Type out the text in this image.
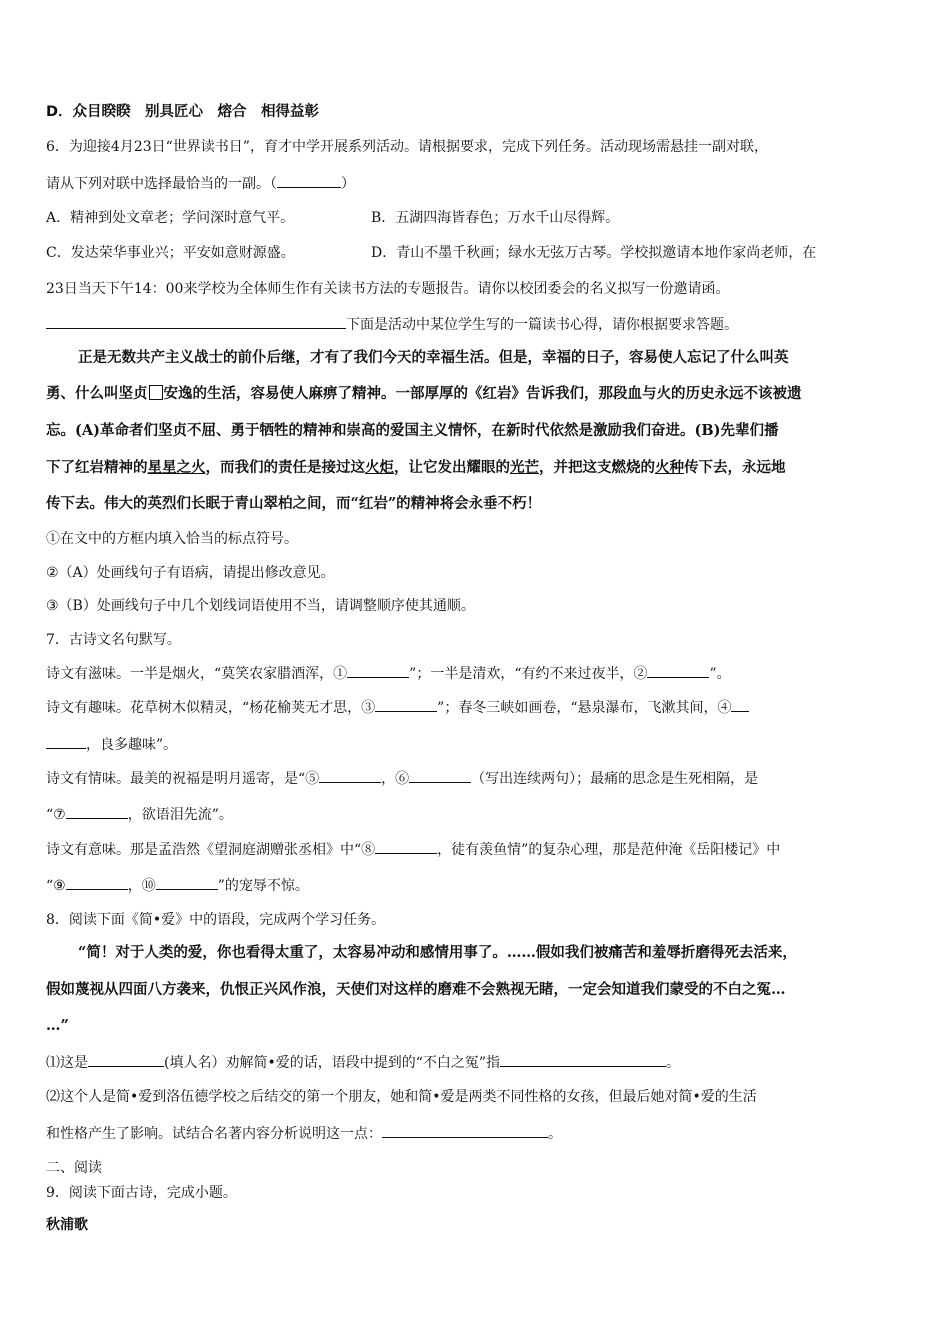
D．众目睽睽　别具匠心　熔合　相得益彰
6．为迎接4月23日“世界读书日”，育才中学开展系列活动。请根据要求，完成下列任务。活动现场需悬挂一副对联，
请从下列对联中选择最恰当的一副。（	）
A．精神到处文章老；学问深时意气平。	B．五湖四海皆春色；万水千山尽得辉。
C．发达荣华事业兴；平安如意财源盛。	D．青山不墨千秋画；绿水无弦万古琴。学校拟邀请本地作家尚老师，在
23日当天下午14：00来学校为全体师生作有关读书方法的专题报告。请你以校团委会的名义拟写一份邀请函。
下面是活动中某位学生写的一篇读书心得，请你根据要求答题。
正是无数共产主义战士的前仆后继，才有了我们今天的幸福生活。但是，幸福的日子，容易使人忘记了什么叫英
勇、什么叫坚贞 安逸的生活，容易使人麻痹了精神。一部厚厚的《红岩》告诉我们，那段血与火的历史永远不该被遗
忘。(A)革命者们坚贞不屈、勇于牺牲的精神和崇高的爱国主义情怀，在新时代依然是激励我们奋进。(B)先辈们播
下了红岩精神的星星之火，而我们的责任是接过这火炬，让它发出耀眼的光芒，并把这支燃烧的火种传下去，永远地
传下去。伟大的英烈们长眠于青山翠柏之间，而“红岩”的精神将会永垂不朽！
①在文中的方框内填入恰当的标点符号。
②（A）处画线句子有语病，请提出修改意见。
③（B）处画线句子中几个划线词语使用不当，请调整顺序使其通顺。
7．古诗文名句默写。
诗文有滋味。一半是烟火，“莫笑农家腊酒浑，①	”；一半是清欢，“有约不来过夜半，②	”。
诗文有趣味。花草树木似精灵，“杨花榆荚无才思，③	”；春冬三峡如画卷，“悬泉瀑布，飞漱其间，④
，良多趣味”。
诗文有情味。最美的祝福是明月遥寄，是“⑤	，⑥	（写出连续两句）；最痛的思念是生死相隔，是
“⑦	，欲语泪先流”。
诗文有意味。那是孟浩然《望洞庭湖赠张丞相》中“⑧	，徒有羡鱼情”的复杂心理，那是范仲淹《岳阳楼记》中
“⑨	，⑩	”的宠辱不惊。
8．阅读下面《简•爱》中的语段，完成两个学习任务。
“简！对于人类的爱，你也看得太重了，太容易冲动和感情用事了。……假如我们被痛苦和羞辱折磨得死去活来，
假如蔑视从四面八方袭来，仇恨正兴风作浪，天使们对这样的磨难不会熟视无睹，一定会知道我们蒙受的不白之冤…
…”
⑴这是	(填人名）劝解简•爱的话，语段中提到的“不白之冤”指	。
⑵这个人是简•爱到洛伍德学校之后结交的第一个朋友，她和简•爱是两类不同性格的女孩，但最后她对简•爱的生活
和性格产生了影响。试结合名著内容分析说明这一点：	。
二、阅读
9．阅读下面古诗，完成小题。
秋浦歌
